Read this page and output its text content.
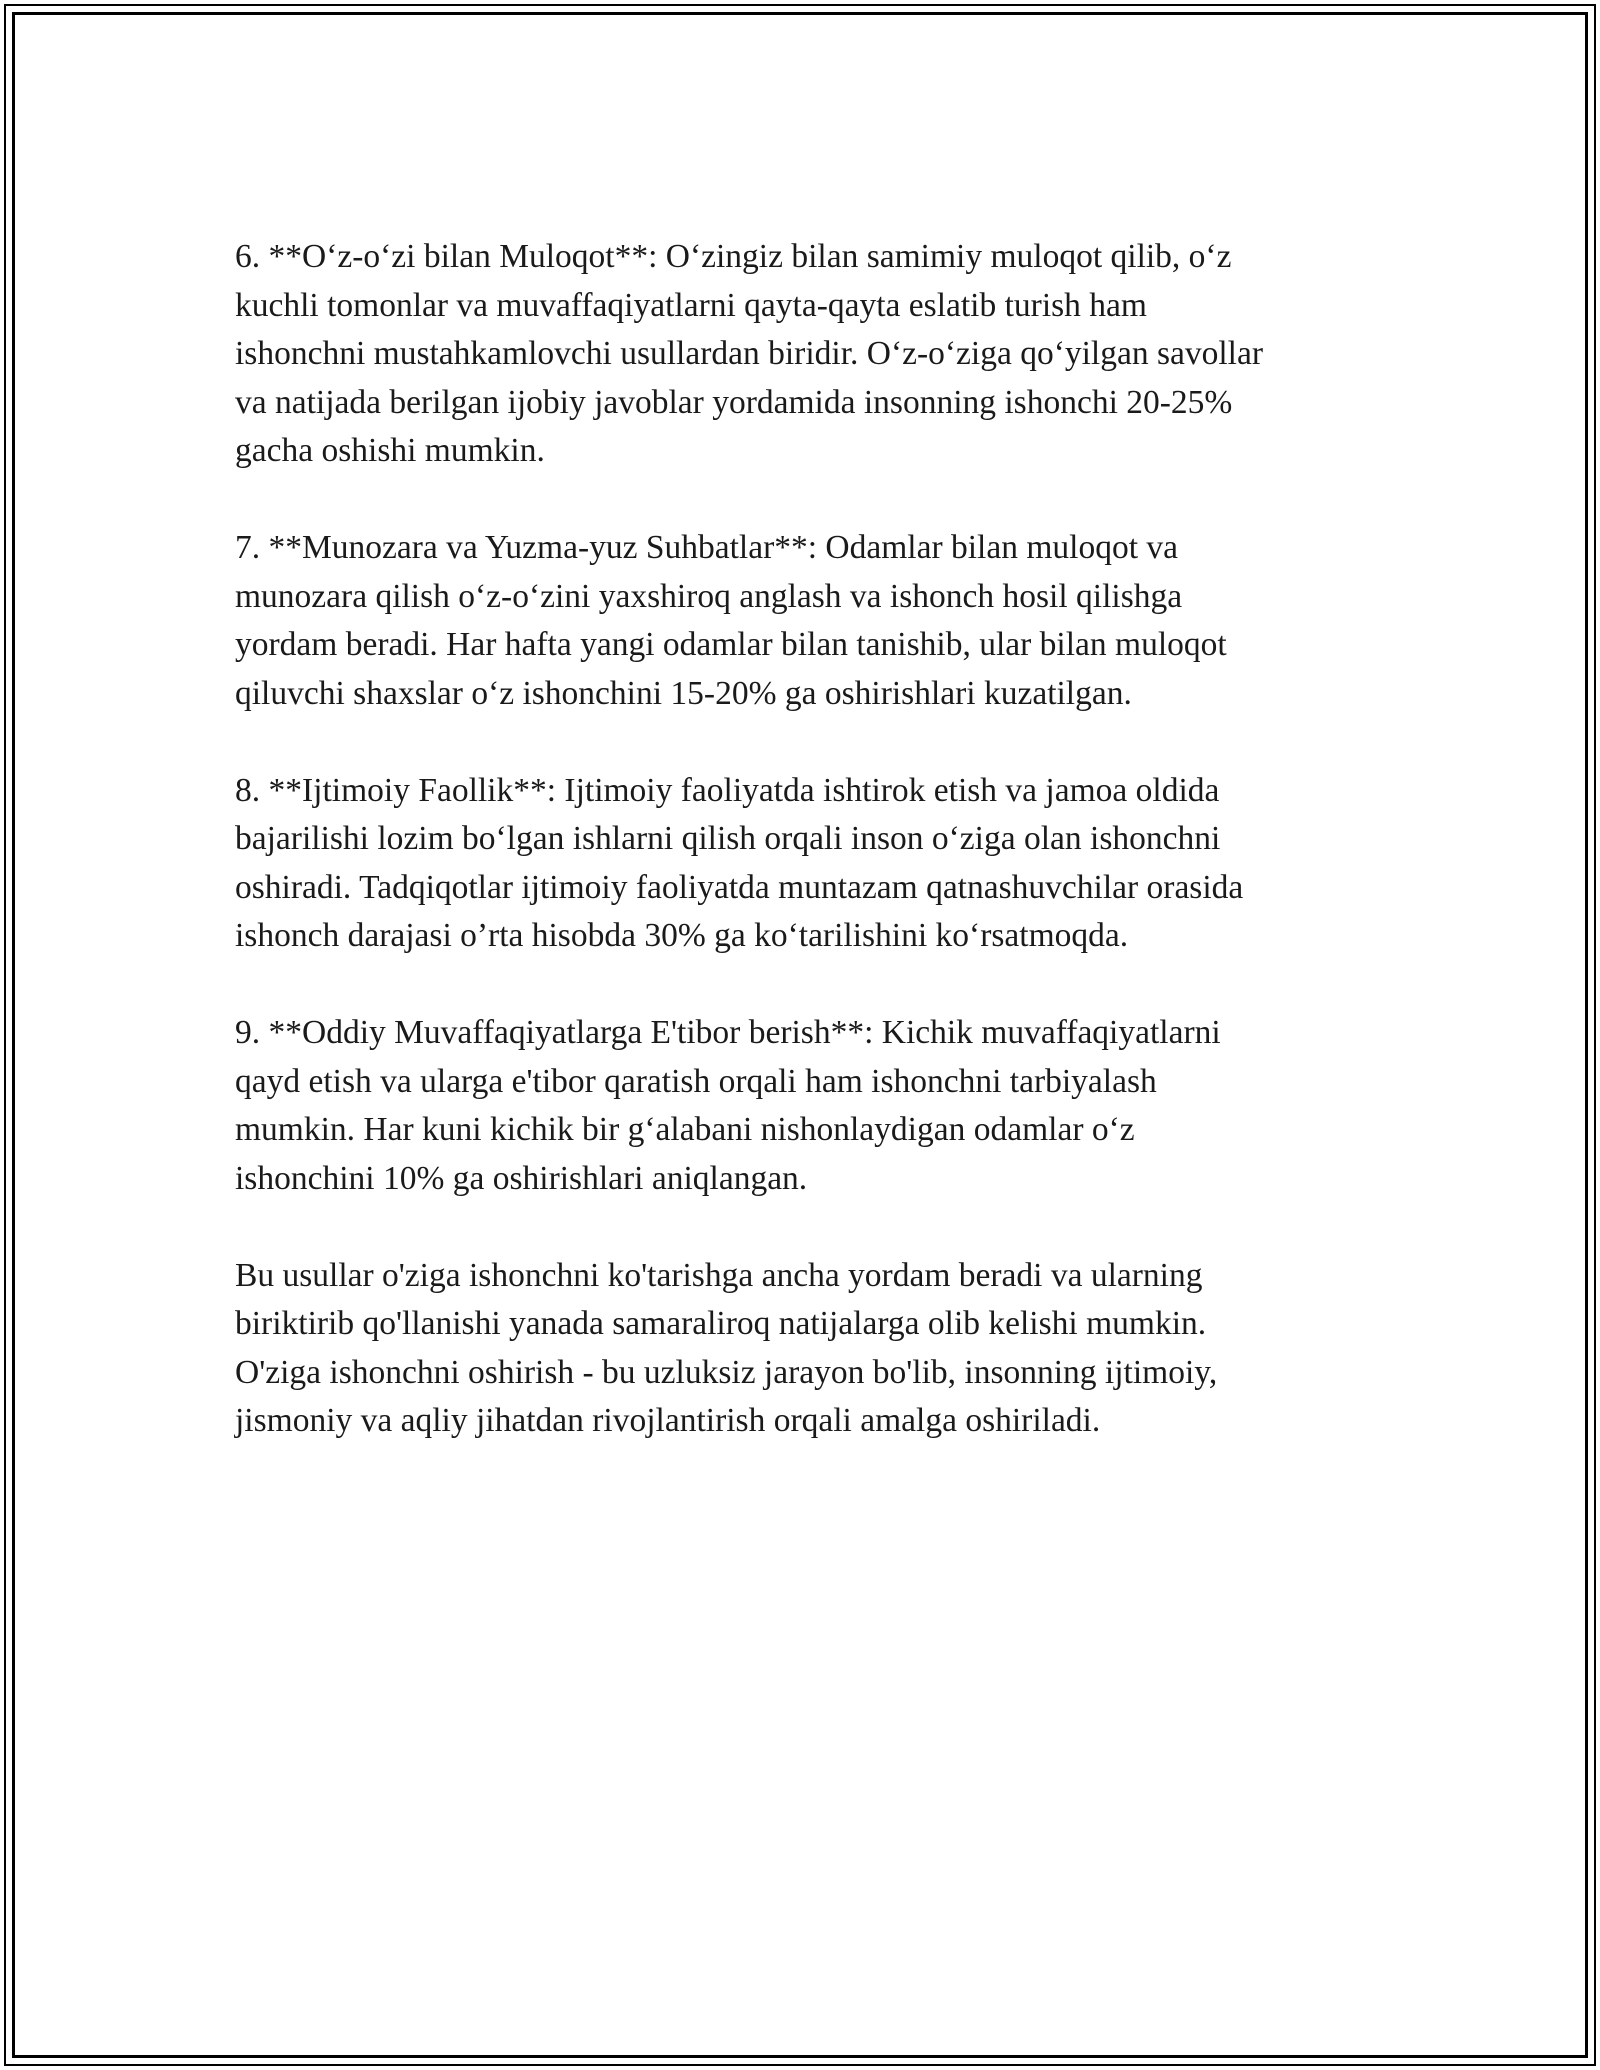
6. **O‘z-o‘zi bilan Muloqot**: O‘zingiz bilan samimiy muloqot qilib, o‘z

kuchli tomonlar va muvaffaqiyatlarni qayta-qayta eslatib turish ham

ishonchni mustahkamlovchi usullardan biridir. O‘z-o‘ziga qo‘yilgan savollar

va natijada berilgan ijobiy javoblar yordamida insonning ishonchi 20-25%

gacha oshishi mumkin.

7. **Munozara va Yuzma-yuz Suhbatlar**: Odamlar bilan muloqot va

munozara qilish o‘z-o‘zini yaxshiroq anglash va ishonch hosil qilishga

yordam beradi. Har hafta yangi odamlar bilan tanishib, ular bilan muloqot

qiluvchi shaxslar o‘z ishonchini 15-20% ga oshirishlari kuzatilgan.

8. **Ijtimoiy Faollik**: Ijtimoiy faoliyatda ishtirok etish va jamoa oldida

bajarilishi lozim bo‘lgan ishlarni qilish orqali inson o‘ziga olan ishonchni

oshiradi. Tadqiqotlar ijtimoiy faoliyatda muntazam qatnashuvchilar orasida

ishonch darajasi o’rta hisobda 30% ga ko‘tarilishini ko‘rsatmoqda.

9. **Oddiy Muvaffaqiyatlarga E'tibor berish**: Kichik muvaffaqiyatlarni

qayd etish va ularga e'tibor qaratish orqali ham ishonchni tarbiyalash

mumkin. Har kuni kichik bir g‘alabani nishonlaydigan odamlar o‘z

ishonchini 10% ga oshirishlari aniqlangan.

Bu usullar o'ziga ishonchni ko'tarishga ancha yordam beradi va ularning

biriktirib qo'llanishi yanada samaraliroq natijalarga olib kelishi mumkin.

O'ziga ishonchni oshirish - bu uzluksiz jarayon bo'lib, insonning ijtimoiy,

jismoniy va aqliy jihatdan rivojlantirish orqali amalga oshiriladi.
